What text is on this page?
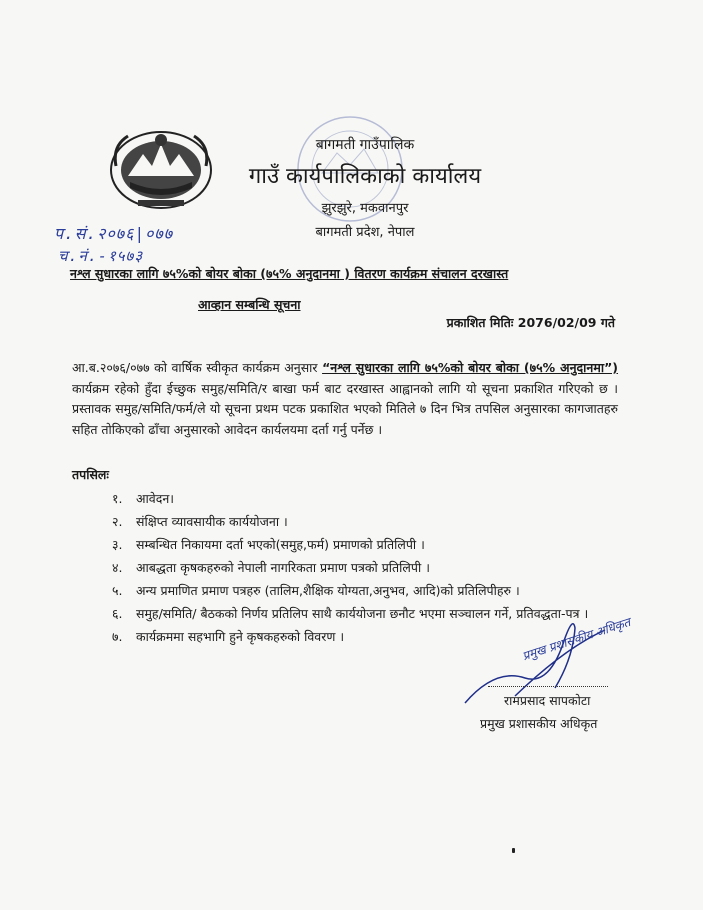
बागमती गाउँपालिक
गाउँ कार्यपालिकाको कार्यालय
झुरझुरे, मकवानपुर
बागमती प्रदेश, नेपाल
प.सं.२०७६|०७७
च.नं.-१५७३
नश्ल सुधारका लागि ७५%को बोयर बोका (७५% अनुदानमा ) वितरण कार्यक्रम संचालन दरखास्त
आव्हान सम्बन्धि सूचना
प्रकाशित मितिः 2076/02/09 गते
आ.ब.२०७६/०७७ को वार्षिक स्वीकृत कार्यक्रम अनुसार “नश्ल सुधारका लागि ७५%को बोयर बोका (७५% अनुदानमा”) कार्यक्रम रहेको हुँदा ईच्छुक समुह/समिति/र बाखा फर्म बाट दरखास्त आह्वानको लागि यो सूचना प्रकाशित गरिएको छ । प्रस्तावक समुह/समिति/फर्म/ले यो सूचना प्रथम पटक प्रकाशित भएको मितिले ७ दिन भित्र तपसिल अनुसारका कागजातहरु सहित तोकिएको ढाँचा अनुसारको आवेदन कार्यलयमा दर्ता गर्नु पर्नेछ ।
तपसिलः
१.	आवेदन।
२.	संक्षिप्त व्यावसायीक कार्ययोजना ।
३.	सम्बन्धित निकायमा दर्ता भएको(समुह,फर्म) प्रमाणको प्रतिलिपी ।
४.	आबद्धता कृषकहरुको नेपाली नागरिकता प्रमाण पत्रको प्रतिलिपी ।
५.	अन्य प्रमाणित प्रमाण पत्रहरु (तालिम,शैक्षिक योग्यता,अनुभव, आदि)को प्रतिलिपीहरु ।
६.	समुह/समिति/ बैठकको निर्णय प्रतिलिप साथै कार्ययोजना छनौट भएमा सञ्चालन गर्ने, प्रतिवद्धता-पत्र ।
७.	कार्यक्रममा सहभागि हुने कृषकहरुको विवरण ।	प्रमुख प्रशासकीय अधिकृत
रामप्रसाद सापकोटा
प्रमुख प्रशासकीय अधिकृत
